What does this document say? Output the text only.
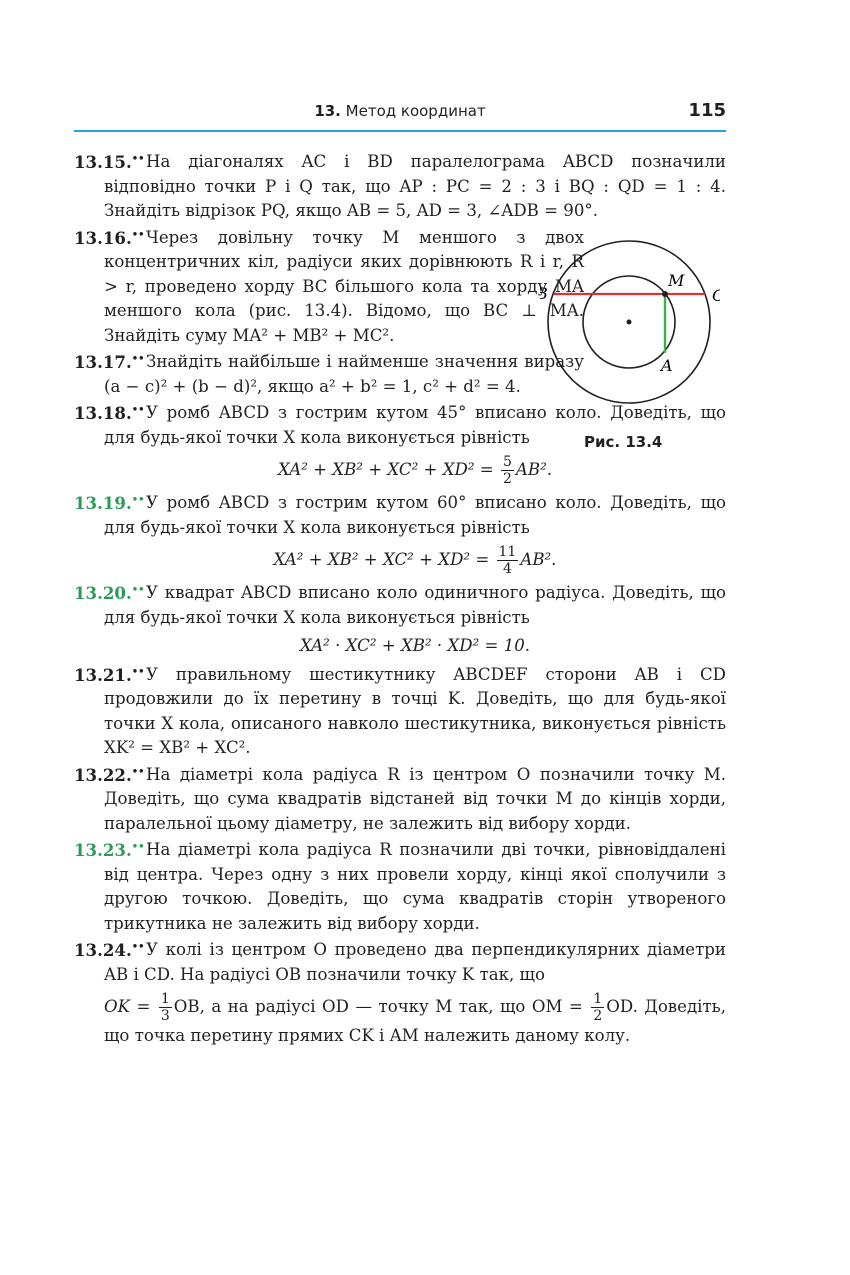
13. Метод координат	115
M
A
Рис. 13.4
13.15.•• На діагоналях AC і BD паралелограма ABCD позначили відповідно точки P і Q так, що AP : PC = 2 : 3 і BQ : QD = 1 : 4. Знайдіть відрізок PQ, якщо AB = 5, AD = 3, ∠ADB = 90°.
13.16.•• Через довільну точку M меншого з двох концентричних кіл, радіуси яких дорівнюють R і r, R > r, проведено хорду BC більшого кола та хорду MA меншого кола (рис. 13.4). Відомо, що BC ⊥ MA. Знайдіть суму MA² + MB² + MC².
13.17.•• Знайдіть найбільше і найменше значення виразу (a − c)² + (b − d)², якщо a² + b² = 1, c² + d² = 4.
13.18.•• У ромб ABCD з гострим кутом 45° вписано коло. Доведіть, що для будь-якої точки X кола виконується рівність
$XA^2 + XB^2 + XC^2 + XD^2 = \frac{5}{2} AB^2$.
13.19.•• У ромб ABCD з гострим кутом 60° вписано коло. Доведіть, що для будь-якої точки X кола виконується рівність
$XA^2 + XB^2 + XC^2 + XD^2 = \frac{11}{4} AB^2$.
13.20.•• У квадрат ABCD вписано коло одиничного радіуса. Доведіть, що для будь-якої точки X кола виконується рівність
XA² · XC² + XB² · XD² = 10.
13.21.•• У правильному шестикутнику ABCDEF сторони AB і CD продовжили до їх перетину в точці K. Доведіть, що для будь-якої точки X кола, описаного навколо шестикутника, виконується рівність XK² = XB² + XC².
13.22.•• На діаметрі кола радіуса R із центром O позначили точку M. Доведіть, що сума квадратів відстаней від точки M до кінців хорди, паралельної цьому діаметру, не залежить від вибору хорди.
13.23.•• На діаметрі кола радіуса R позначили дві точки, рівновіддалені від центра. Через одну з них провели хорду, кінці якої сполучили з другою точкою. Доведіть, що сума квадратів сторін утвореного трикутника не залежить від вибору хорди.
13.24.•• У колі із центром O проведено два перпендикулярних діаметри AB і CD. На радіусі OB позначили точку K так, що
OK = $\frac{1}{3}$ OB, а на радіусі OD — точку M так, що OM = $\frac{1}{2}$ OD. Доведіть, що точка перетину прямих CK і AM належить даному колу.
